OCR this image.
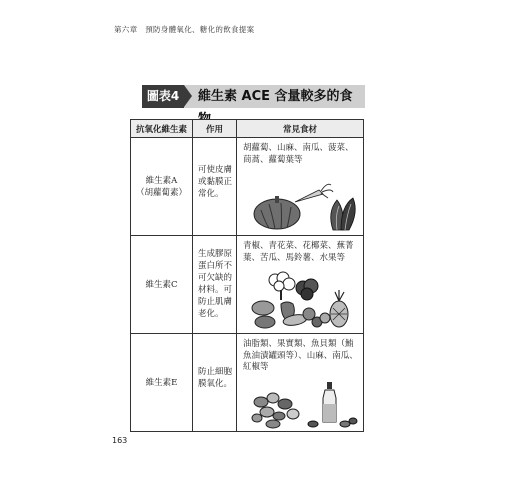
第六章　預防身體氧化、糖化的飲食提案
圖表4	維生素 ACE 含量較多的食
抗氧化維生素	作用	常見食材
維生素A
（胡蘿蔔素）	可使皮膚或黏膜正常化。	胡蘿蔔、山麻、南瓜、菠菜、茼蒿、蘿蔔葉等

維生素C	生成膠原蛋白所不可欠缺的材料。可防止肌膚老化。	青椒、青花菜、花椰菜、蕪菁葉、苦瓜、馬鈴薯、水果等

維生素E	防止細胞膜氧化。	油脂類、果實類、魚貝類（鮪魚油漬罐頭等）、山麻、南瓜、紅椒等
163
